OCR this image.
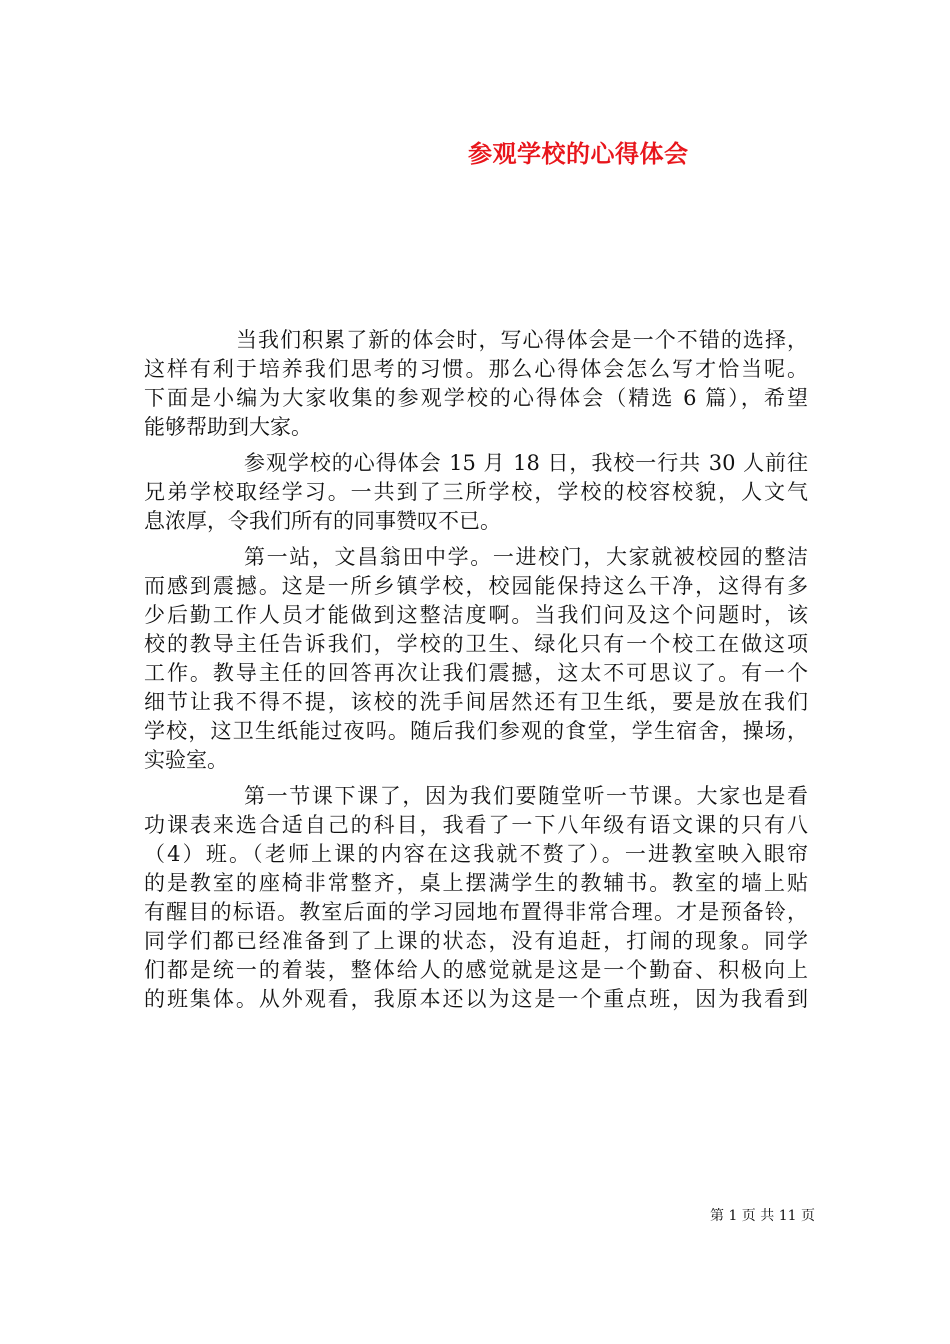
参观学校的心得体会
当我们积累了新的体会时，写心得体会是一个不错的选择，
这样有利于培养我们思考的习惯。那么心得体会怎么写才恰当呢。
下面是小编为大家收集的参观学校的心得体会（精选 6 篇），希望
能够帮助到大家。
参观学校的心得体会 15 月 18 日，我校一行共 30 人前往
兄弟学校取经学习。一共到了三所学校，学校的校容校貌，人文气
息浓厚，令我们所有的同事赞叹不已。
第一站，文昌翁田中学。一进校门，大家就被校园的整洁
而感到震撼。这是一所乡镇学校，校园能保持这么干净，这得有多
少后勤工作人员才能做到这整洁度啊。当我们问及这个问题时，该
校的教导主任告诉我们，学校的卫生、绿化只有一个校工在做这项
工作。教导主任的回答再次让我们震撼，这太不可思议了。有一个
细节让我不得不提，该校的洗手间居然还有卫生纸，要是放在我们
学校，这卫生纸能过夜吗。随后我们参观的食堂，学生宿舍，操场，
实验室。
第一节课下课了，因为我们要随堂听一节课。大家也是看
功课表来选合适自己的科目，我看了一下八年级有语文课的只有八
（4）班。（老师上课的内容在这我就不赘了）。一进教室映入眼帘
的是教室的座椅非常整齐，桌上摆满学生的教辅书。教室的墙上贴
有醒目的标语。教室后面的学习园地布置得非常合理。才是预备铃，
同学们都已经准备到了上课的状态，没有追赶，打闹的现象。同学
们都是统一的着装，整体给人的感觉就是这是一个勤奋、积极向上
的班集体。从外观看，我原本还以为这是一个重点班，因为我看到
第 1 页 共 11 页
